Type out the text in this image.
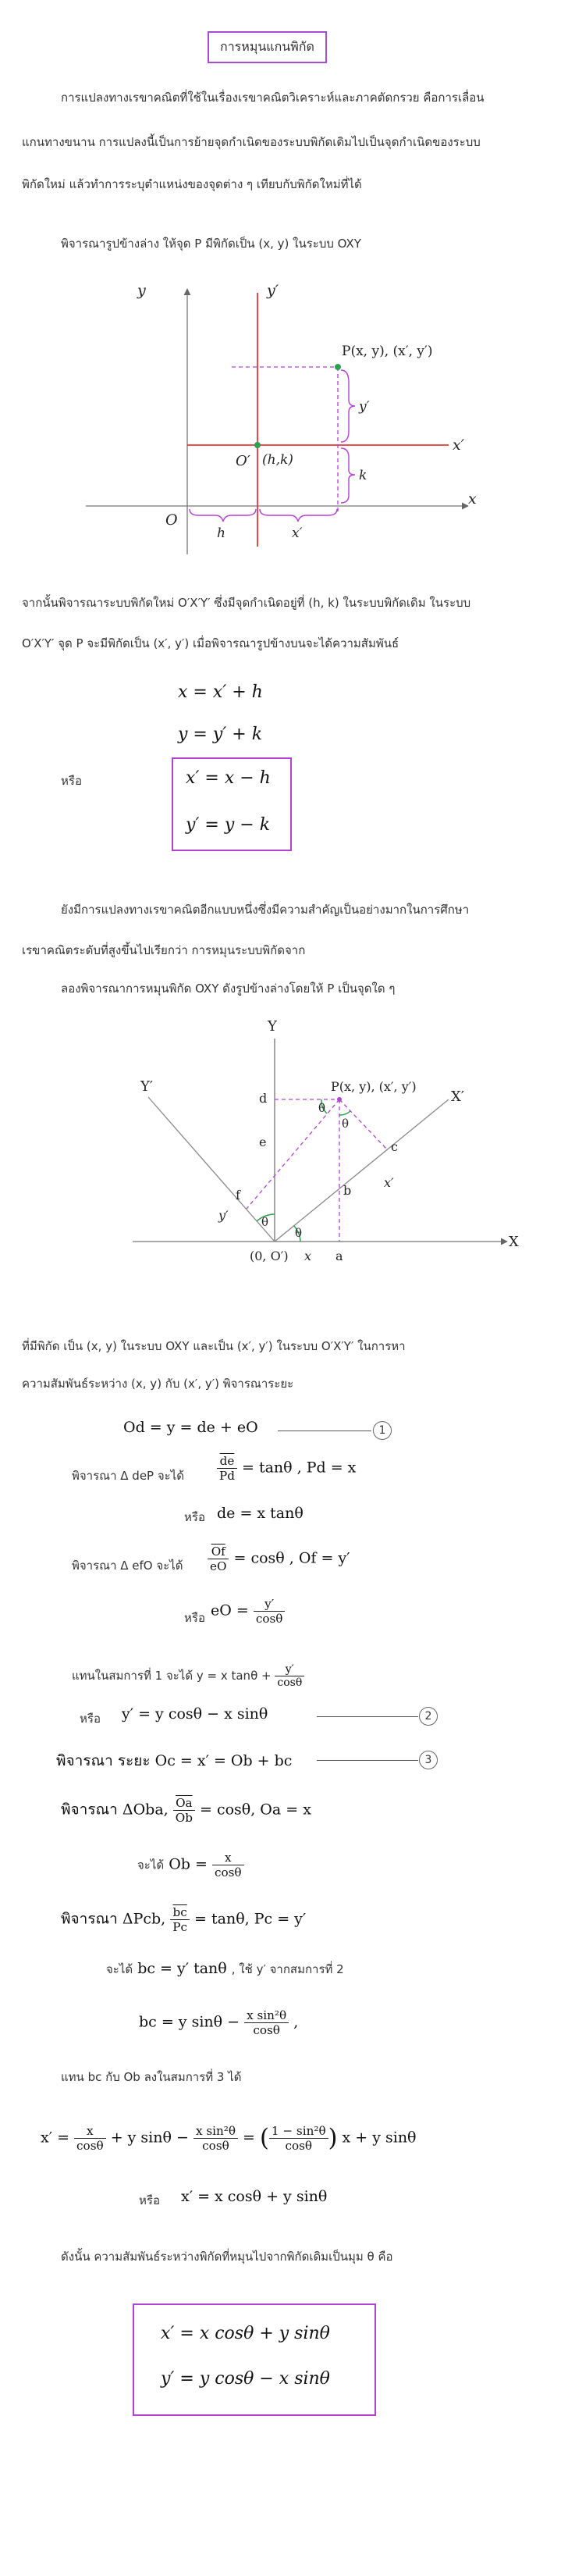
การหมุนแกนพิกัด
การแปลงทางเรขาคณิตที่ใช้ในเรื่องเรขาคณิตวิเคราะห์และภาคตัดกรวย คือการเลื่อน
แกนทางขนาน การแปลงนี้เป็นการย้ายจุดกำเนิดของระบบพิกัดเดิมไปเป็นจุดกำเนิดของระบบ
พิกัดใหม่ แล้วทำการระบุตำแหน่งของจุดต่าง ๆ เทียบกับพิกัดใหม่ที่ได้
พิจารณารูปข้างล่าง ให้จุด P มีพิกัดเป็น (x, y) ในระบบ OXY
y	y′
x
x′
O
O′ (h,k)
P(x, y), (x′, y′)
y′
k
h	x′
จากนั้นพิจารณาระบบพิกัดใหม่ O′X′Y′ ซึ่งมีจุดกำเนิดอยู่ที่ (h, k) ในระบบพิกัดเดิม ในระบบ
O′X′Y′ จุด P จะมีพิกัดเป็น (x′, y′) เมื่อพิจารณารูปข้างบนจะได้ความสัมพันธ์
x = x′ + h
y = y′ + k
หรือ	x′ = x − h
y′ = y − k
ยังมีการแปลงทางเรขาคณิตอีกแบบหนึ่งซึ่งมีความสำคัญเป็นอย่างมากในการศึกษา
เรขาคณิตระดับที่สูงขึ้นไปเรียกว่า การหมุนระบบพิกัดจาก
ลองพิจารณาการหมุนพิกัด OXY ดังรูปข้างล่างโดยให้ P เป็นจุดใด ๆ
Y
Y′
X
X′
P(x, y), (x′, y′)
d
e
f
c
b
a
x
y′
x′
(0, O′)
θ
θ
θ
θ
ที่มีพิกัด เป็น (x, y) ในระบบ OXY และเป็น (x′, y′) ในระบบ O′X′Y′ ในการหา
ความสัมพันธ์ระหว่าง (x, y) กับ (x′, y′) พิจารณาระยะ
Od = y = de + eO	1
พิจารณา Δ deP จะได้	$\frac{\overline{de}}{Pd} = \tan\theta$ , Pd = x
หรือ de = x tanθ
พิจารณา Δ efO จะได้ $\frac{\overline{Of}}{eO} = \cos\theta$ , Of = y′
หรือ eO = $\frac{y'}{\cos\theta}$
แทนในสมการที่ 1 จะได้ y = x $\tan\theta + \frac{y'}{\cos\theta}$
หรือ y′ = y cosθ − x sinθ	2
พิจารณา ระยะ Oc = x′ = Ob + bc	3
พิจารณา ΔOba, $\frac{\overline{Oa}}{Ob} = \cos\theta$, Oa = x
จะได้ $Ob = \frac{x}{\cos\theta}$
พิจารณา ΔPcb, $\frac{\overline{bc}}{Pc} = \tan\theta$, Pc = y′
จะได้ bc = y′ tanθ , ใช้ y′ จากสมการที่ 2
bc = y $\sin\theta - \frac{\text{x sin²θ}}{\cos\theta}$ ,
แทน bc กับ Ob ลงในสมการที่ 3 ได้
$x' = \frac{x}{\cos\theta} + y$ $\sin\theta - \frac{\text{x sin²θ}}{\cos\theta}$ = ( $\frac{\text{1 − sin²θ}}{\cos\theta}$ ) x + y sinθ
หรือ x′ = x cosθ + y sinθ
ดังนั้น ความสัมพันธ์ระหว่างพิกัดที่หมุนไปจากพิกัดเดิมเป็นมุม θ คือ
x′ = x cosθ + y sinθ
y′ = y cosθ − x sinθ
